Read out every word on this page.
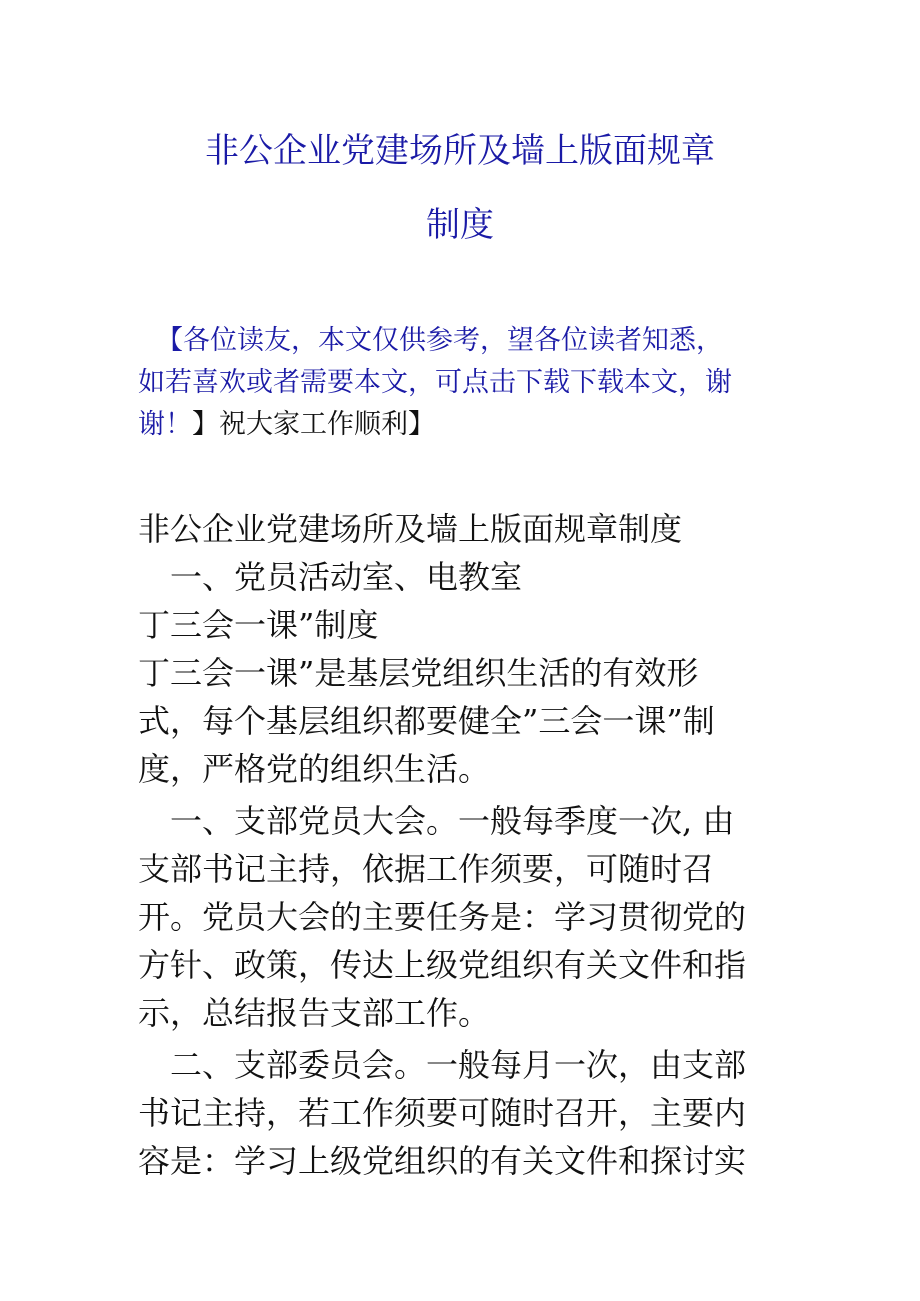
非公企业党建场所及墙上版面规章
制度
【各位读友，本文仅供参考，望各位读者知悉，
如若喜欢或者需要本文，可点击下载下载本文，谢
谢！】祝大家工作顺利】
非公企业党建场所及墙上版面规章制度
一、党员活动室、电教室
丁三会一课”制度
丁三会一课”是基层党组织生活的有效形
式，每个基层组织都要健全”三会一课”制
度，严格党的组织生活。
一、支部党员大会。一般每季度一次, 由
支部书记主持，依据工作须要，可随时召
开。党员大会的主要任务是：学习贯彻党的
方针、政策，传达上级党组织有关文件和指
示，总结报告支部工作。
二、支部委员会。一般每月一次，由支部
书记主持，若工作须要可随时召开，主要内
容是：学习上级党组织的有关文件和探讨实
